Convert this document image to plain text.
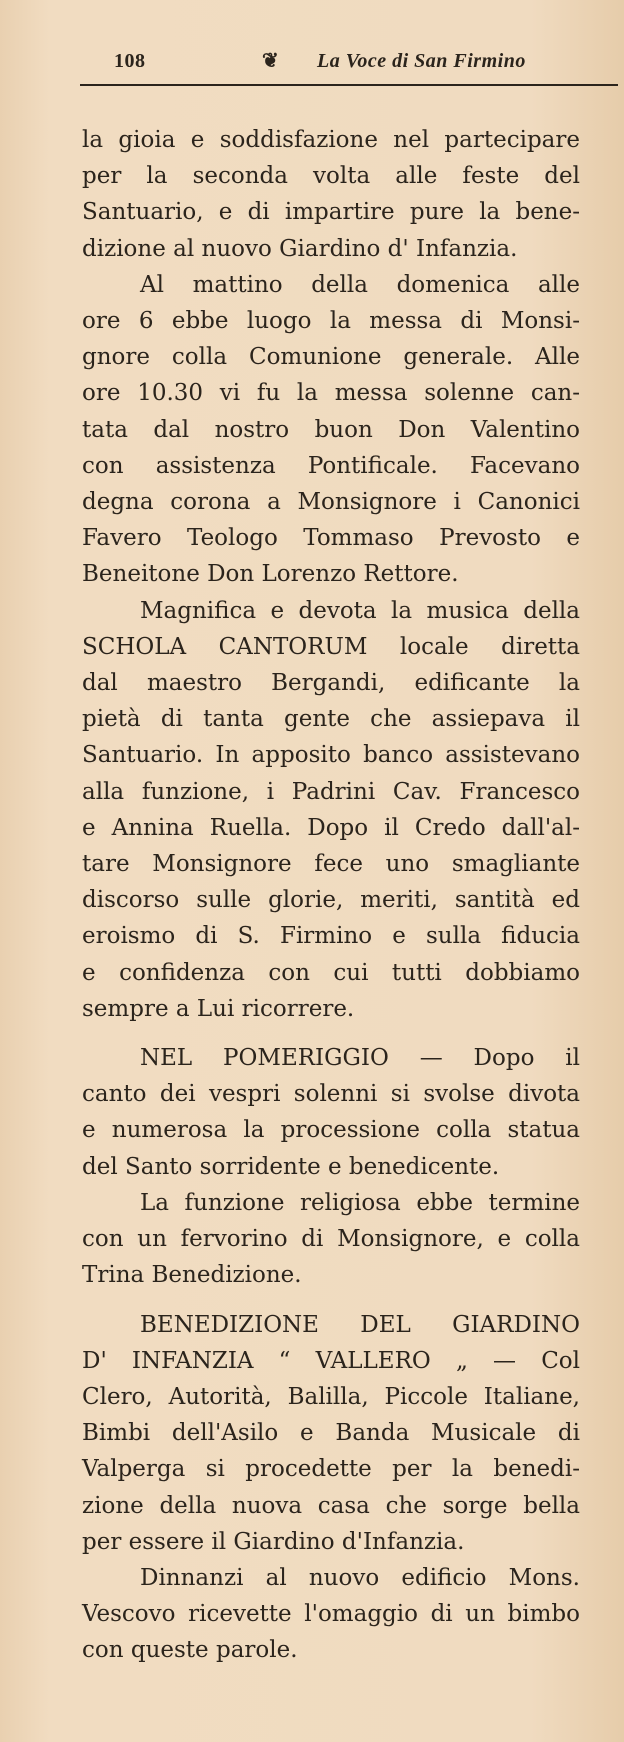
108	❦ La Voce di San Firmino

la gioia e soddisfazione nel partecipare

per la seconda volta alle feste del

Santuario, e di impartire pure la bene-

dizione al nuovo Giardino d' Infanzia.

Al mattino della domenica alle

ore 6 ebbe luogo la messa di Monsi-

gnore colla Comunione generale. Alle

ore 10.30 vi fu la messa solenne can-

tata dal nostro buon Don Valentino

con assistenza Pontificale. Facevano

degna corona a Monsignore i Canonici

Favero Teologo Tommaso Prevosto e

Beneitone Don Lorenzo Rettore.

Magnifica e devota la musica della

SCHOLA CANTORUM locale diretta

dal maestro Bergandi, edificante la

pietà di tanta gente che assiepava il

Santuario. In apposito banco assistevano

alla funzione, i Padrini Cav. Francesco

e Annina Ruella. Dopo il Credo dall'al-

tare Monsignore fece uno smagliante

discorso sulle glorie, meriti, santità ed

eroismo di S. Firmino e sulla fiducia

e confidenza con cui tutti dobbiamo

sempre a Lui ricorrere.

NEL POMERIGGIO — Dopo il

canto dei vespri solenni si svolse divota

e numerosa la processione colla statua

del Santo sorridente e benedicente.

La funzione religiosa ebbe termine

con un fervorino di Monsignore, e colla

Trina Benedizione.

BENEDIZIONE DEL GIARDINO

D' INFANZIA “ VALLERO „ — Col

Clero, Autorità, Balilla, Piccole Italiane,

Bimbi dell'Asilo e Banda Musicale di

Valperga si procedette per la benedi-

zione della nuova casa che sorge bella

per essere il Giardino d'Infanzia.

Dinnanzi al nuovo edificio Mons.

Vescovo ricevette l'omaggio di un bimbo

con queste parole.
